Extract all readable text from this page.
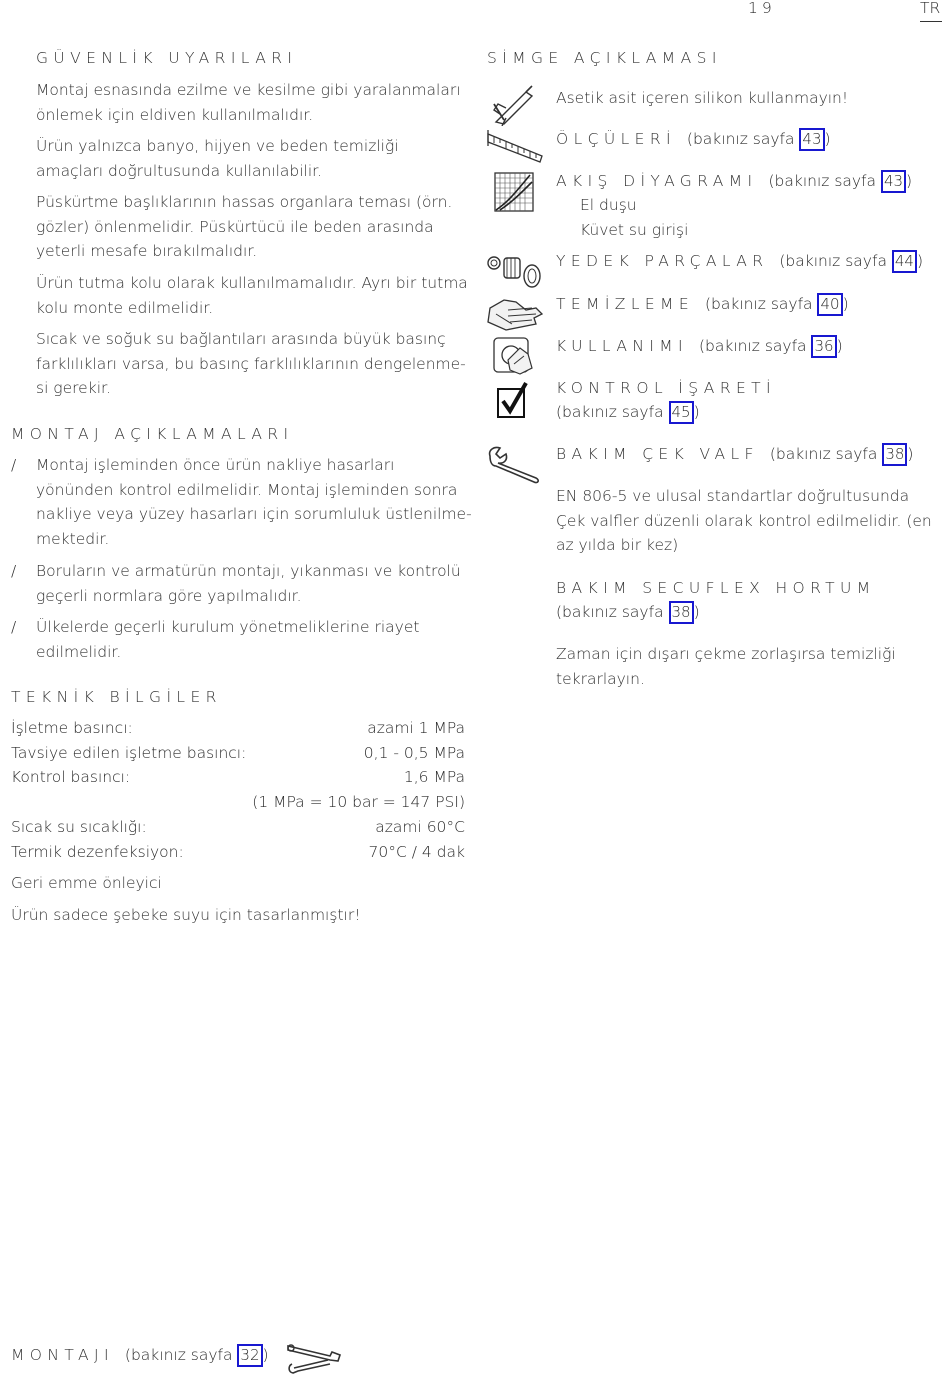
19	TR
GÜVENLİK UYARILARI
Montaj esnasında ezilme ve kesilme gibi yaralanmaları
önlemek için eldiven kullanılmalıdır.
Ürün yalnızca banyo, hijyen ve beden temizliği
amaçları doğrultusunda kullanılabilir.
Püskürtme başlıklarının hassas organlara teması (örn.
gözler) önlenmelidir. Püskürtücü ile beden arasında
yeterli mesafe bırakılmalıdır.
Ürün tutma kolu olarak kullanılmamalıdır. Ayrı bir tutma
kolu monte edilmelidir.
Sıcak ve soğuk su bağlantıları arasında büyük basınç
farklılıkları varsa, bu basınç farklılıklarının dengelenme-
si gerekir.
MONTAJ AÇIKLAMALARI
/ Montaj işleminden önce ürün nakliye hasarları
yönünden kontrol edilmelidir. Montaj işleminden sonra
nakliye veya yüzey hasarları için sorumluluk üstlenilme-
mektedir.
/ Boruların ve armatürün montajı, yıkanması ve kontrolü
geçerli normlara göre yapılmalıdır.
/ Ülkelerde geçerli kurulum yönetmeliklerine riayet
edilmelidir.
TEKNİK BİLGİLER
İşletme basıncı:	azami 1 MPa
Tavsiye edilen işletme basıncı:	0,1 - 0,5 MPa
Kontrol basıncı:	1,6 MPa
(1 MPa = 10 bar = 147 PSI)
Sıcak su sıcaklığı:	azami 60°C
Termik dezenfeksiyon:	70°C / 4 dak
Geri emme önleyici
Ürün sadece şebeke suyu için tasarlanmıştır!
MONTAJI (bakınız sayfa 32 )
SİMGE AÇIKLAMASI
Asetik asit içeren silikon kullanmayın!
ÖLÇÜLERİ (bakınız sayfa 43 )
AKIŞ DİYAGRAMI (bakınız sayfa 43 )
El duşu
Küvet su girişi
YEDEK PARÇALAR (bakınız sayfa 44 )
TEMİZLEME (bakınız sayfa 40 )
KULLANIMI (bakınız sayfa 36 )
KONTROL İŞARETİ
(bakınız sayfa 45 )
BAKIM ÇEK VALF (bakınız sayfa 38 )
EN 806-5 ve ulusal standartlar doğrultusunda
Çek valfler düzenli olarak kontrol edilmelidir. (en
az yılda bir kez)
BAKIM SECUFLEX HORTUM
(bakınız sayfa 38 )
Zaman için dışarı çekme zorlaşırsa temizliği
tekrarlayın.
